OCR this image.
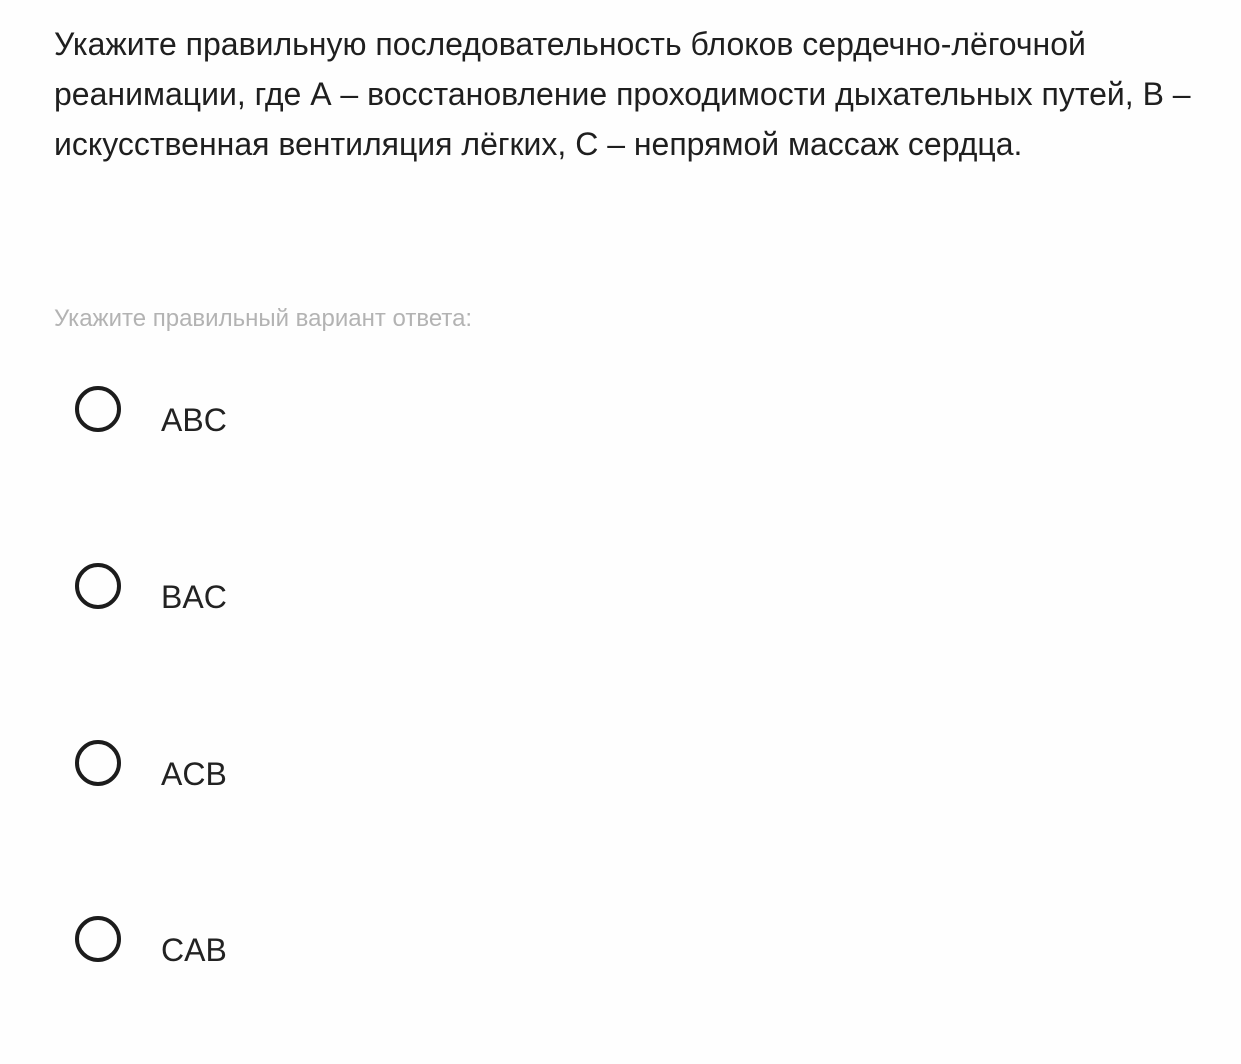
Укажите правильную последовательность блоков сердечно-лёгочной реанимации, где А – восстановление проходимости дыхательных путей, В – искусственная вентиляция лёгких, С – непрямой массаж сердца.

Укажите правильный вариант ответа:
ABC
BAC
ACB
CAB
